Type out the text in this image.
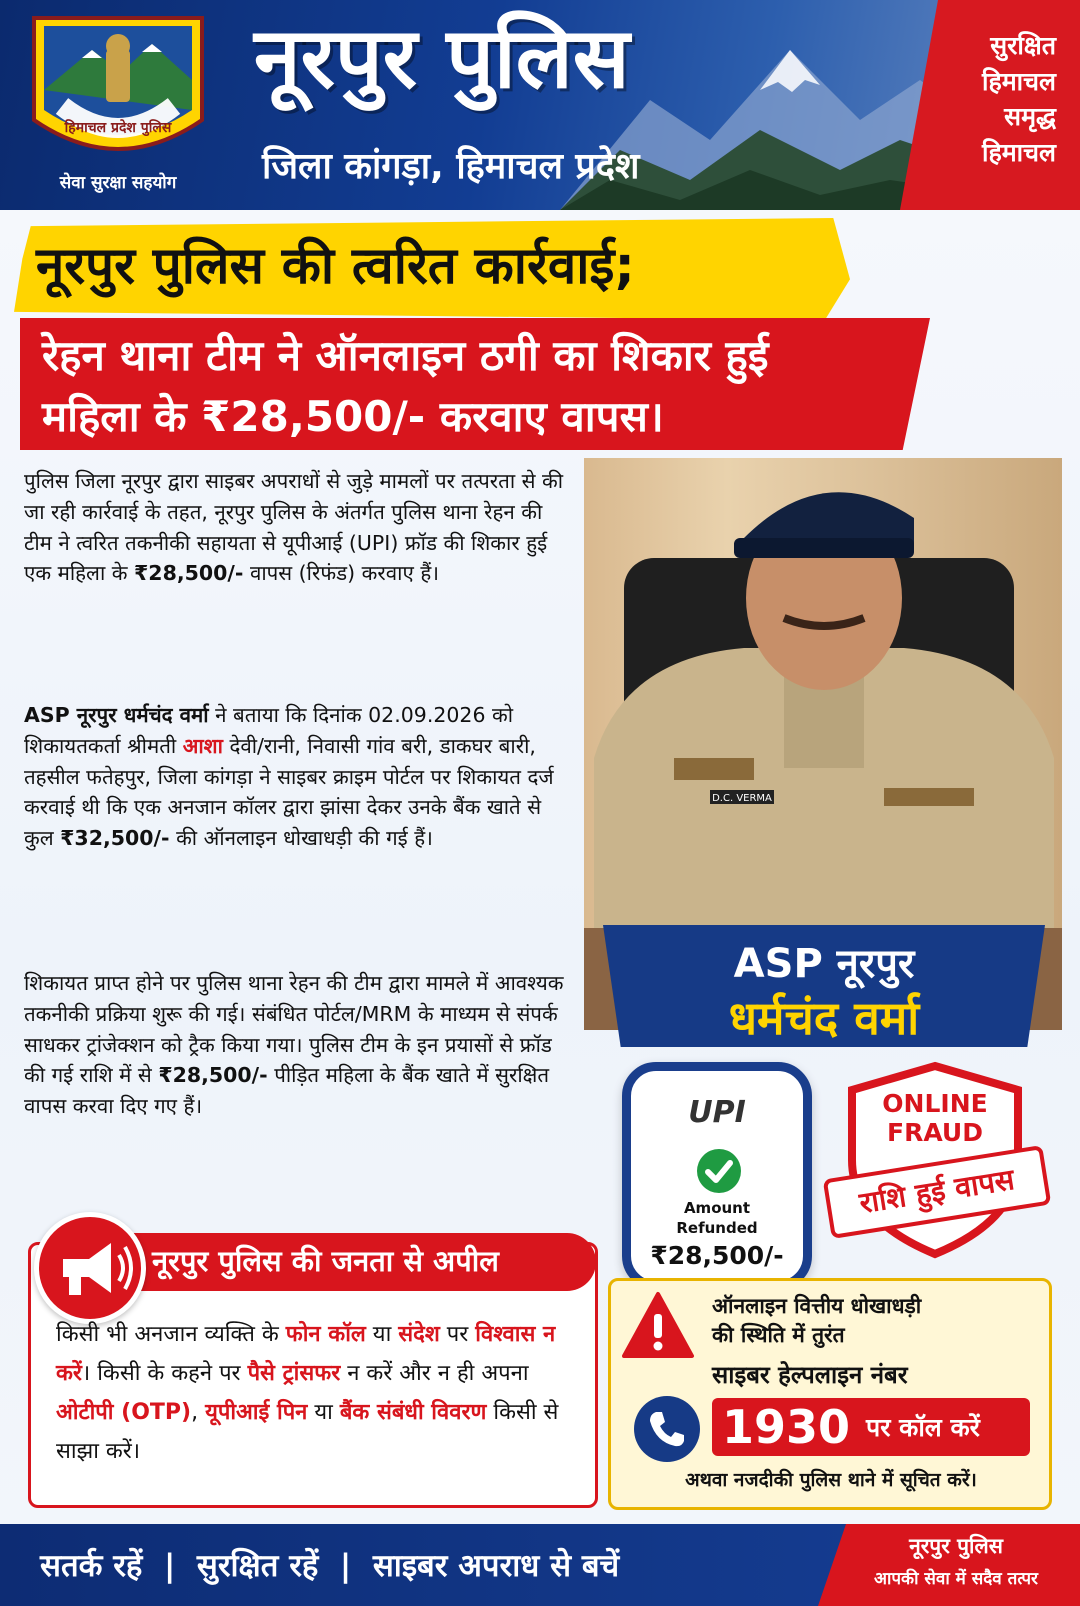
हिमाचल प्रदेश पुलिस
सेवा सुरक्षा सहयोग
नूरपुर पुलिस
जिला कांगड़ा, हिमाचल प्रदेश
सुरक्षित
हिमाचल
समृद्ध
हिमाचल
नूरपुर पुलिस की त्वरित कार्रवाई;
रेहन थाना टीम ने ऑनलाइन ठगी का शिकार हुई
महिला के ₹28,500/- करवाए वापस।
पुलिस जिला नूरपुर द्वारा साइबर अपराधों से जुड़े मामलों पर तत्परता से की जा रही कार्रवाई के तहत, नूरपुर पुलिस के अंतर्गत पुलिस थाना रेहन की टीम ने त्वरित तकनीकी सहायता से यूपीआई (UPI) फ्रॉड की शिकार हुई एक महिला के ₹28,500/- वापस (रिफंड) करवाए हैं।
ASP नूरपुर धर्मचंद वर्मा ने बताया कि दिनांक 02.09.2026 को शिकायतकर्ता श्रीमती आशा देवी/रानी, निवासी गांव बरी, डाकघर बारी, तहसील फतेहपुर, जिला कांगड़ा ने साइबर क्राइम पोर्टल पर शिकायत दर्ज करवाई थी कि एक अनजान कॉलर द्वारा झांसा देकर उनके बैंक खाते से कुल ₹32,500/- की ऑनलाइन धोखाधड़ी की गई हैं।
शिकायत प्राप्त होने पर पुलिस थाना रेहन की टीम द्वारा मामले में आवश्यक तकनीकी प्रक्रिया शुरू की गई। संबंधित पोर्टल/MRM के माध्यम से संपर्क साधकर ट्रांजेक्शन को ट्रैक किया गया। पुलिस टीम के इन प्रयासों से फ्रॉड की गई राशि में से ₹28,500/- पीड़ित महिला के बैंक खाते में सुरक्षित वापस करवा दिए गए हैं।
D.C. VERMA
ASP नूरपुर
धर्मचंद वर्मा
UPI
Amount
Refunded
₹28,500/-
ONLINE
FRAUD
राशि हुई वापस
नूरपुर पुलिस की जनता से अपील
किसी भी अनजान व्यक्ति के फोन कॉल या संदेश पर विश्वास न करें। किसी के कहने पर पैसे ट्रांसफर न करें और न ही अपना ओटीपी (OTP), यूपीआई पिन या बैंक संबंधी विवरण किसी से साझा करें।
ऑनलाइन वित्तीय धोखाधड़ी
की स्थिति में तुरंत
साइबर हेल्पलाइन नंबर
1930 पर कॉल करें
अथवा नजदीकी पुलिस थाने में सूचित करें।
सतर्क रहें  |  सुरक्षित रहें  |  साइबर अपराध से बचें
नूरपुर पुलिस
आपकी सेवा में सदैव तत्पर
